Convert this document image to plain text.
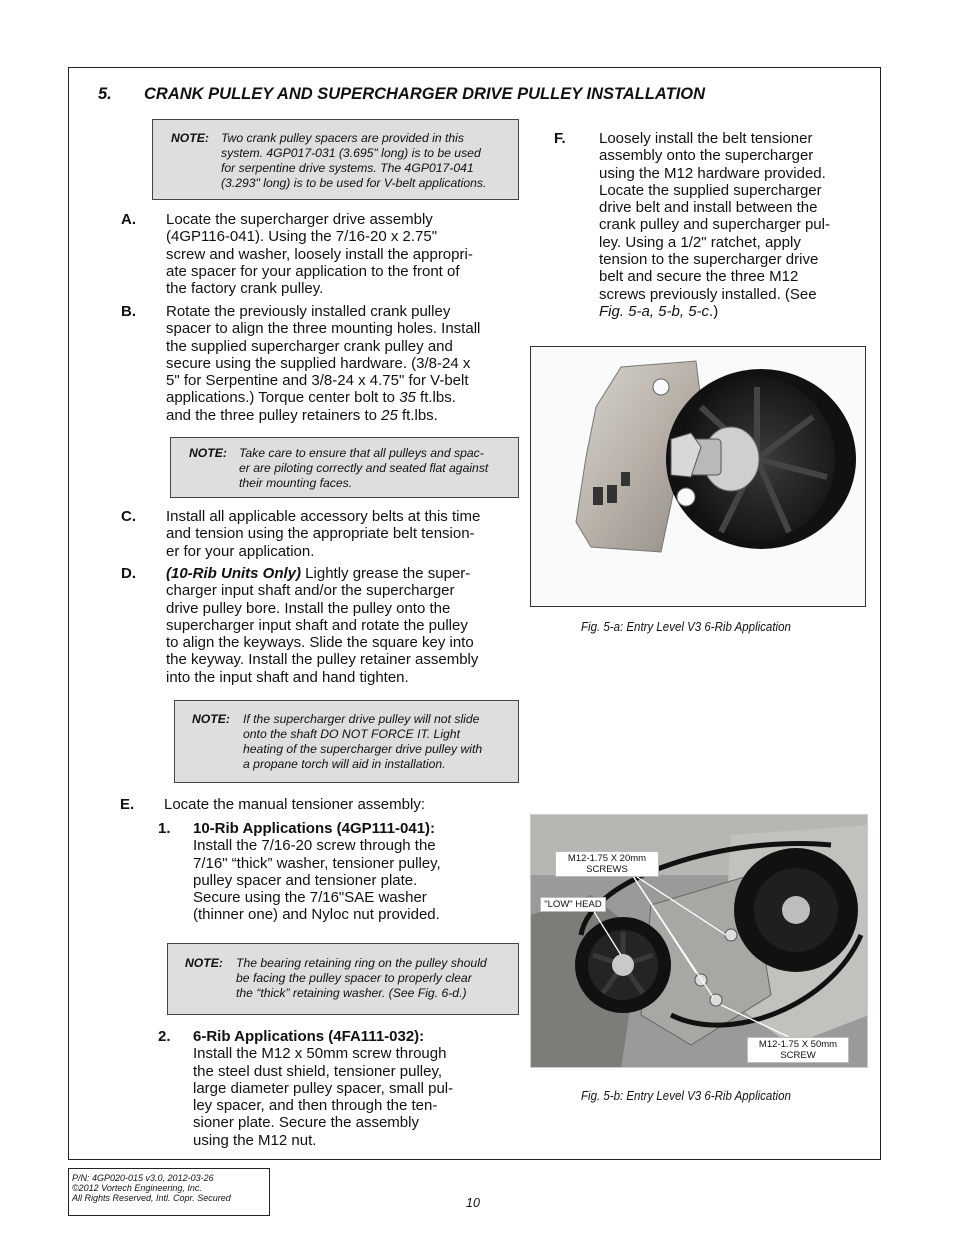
5. CRANK PULLEY AND SUPERCHARGER DRIVE PULLEY INSTALLATION
NOTE: Two crank pulley spacers are provided in this
system. 4GP017-031 (3.695" long) is to be used
for serpentine drive systems. The 4GP017-041
(3.293" long) is to be used for V-belt applications.
A. Locate the supercharger drive assembly
(4GP116-041). Using the 7/16-20 x 2.75"
screw and washer, loosely install the appropri-
ate spacer for your application to the front of
the factory crank pulley.
B. Rotate the previously installed crank pulley
spacer to align the three mounting holes. Install
the supplied supercharger crank pulley and
secure using the supplied hardware. (3/8-24 x
5" for Serpentine and 3/8-24 x 4.75" for V-belt
applications.) Torque center bolt to 35 ft.lbs.
and the three pulley retainers to 25 ft.lbs.
NOTE: Take care to ensure that all pulleys and spac-
er are piloting correctly and seated flat against
their mounting faces.
C. Install all applicable accessory belts at this time
and tension using the appropriate belt tension-
er for your application.
D. (10-Rib Units Only) Lightly grease the super-
charger input shaft and/or the supercharger
drive pulley bore. Install the pulley onto the
supercharger input shaft and rotate the pulley
to align the keyways. Slide the square key into
the keyway. Install the pulley retainer assembly
into the input shaft and hand tighten.
NOTE: If the supercharger drive pulley will not slide
onto the shaft DO NOT FORCE IT. Light
heating of the supercharger drive pulley with
a propane torch will aid in installation.
E. Locate the manual tensioner assembly:
1. 10-Rib Applications (4GP111-041):
Install the 7/16-20 screw through the
7/16" “thick” washer, tensioner pulley,
pulley spacer and tensioner plate.
Secure using the 7/16"SAE washer
(thinner one) and Nyloc nut provided.
NOTE: The bearing retaining ring on the pulley should
be facing the pulley spacer to properly clear
the “thick” retaining washer. (See Fig. 6-d.)
2. 6-Rib Applications (4FA111-032):
Install the M12 x 50mm screw through
the steel dust shield, tensioner pulley,
large diameter pulley spacer, small pul-
ley spacer, and then through the ten-
sioner plate. Secure the assembly
using the M12 nut.
F. Loosely install the belt tensioner
assembly onto the supercharger
using the M12 hardware provided.
Locate the supplied supercharger
drive belt and install between the
crank pulley and supercharger pul-
ley. Using a 1/2" ratchet, apply
tension to the supercharger drive
belt and secure the three M12
screws previously installed. (See
Fig. 5-a, 5-b, 5-c.)
Fig. 5-a: Entry Level V3 6-Rib Application
M12-1.75 X 20mm
SCREWS
"LOW" HEAD
M12-1.75 X 50mm
SCREW
Fig. 5-b: Entry Level V3 6-Rib Application
P/N: 4GP020-015 v3.0, 2012-03-26
©2012 Vortech Engineering, Inc.
All Rights Reserved, Intl. Copr. Secured	10
